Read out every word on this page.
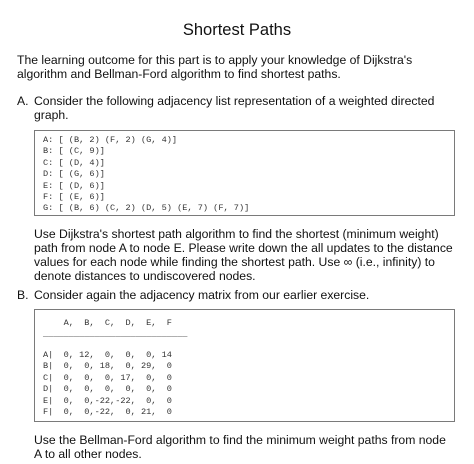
Shortest Paths
The learning outcome for this part is to apply your knowledge of Dijkstra's
algorithm and Bellman-Ford algorithm to find shortest paths.
A. Consider the following adjacency list representation of a weighted directed
graph.
A: [ (B, 2) (F, 2) (G, 4)]
B: [ (C, 9)]
C: [ (D, 4)]
D: [ (G, 6)]
E: [ (D, 6)]
F: [ (E, 6)]
G: [ (B, 6) (C, 2) (D, 5) (E, 7) (F, 7)]
Use Dijkstra's shortest path algorithm to find the shortest (minimum weight)
path from node A to node E. Please write down the all updates to the distance
values for each node while finding the shortest path. Use ∞ (i.e., infinity) to
denote distances to undiscovered nodes.
B. Consider again the adjacency matrix from our earlier exercise.
A,  B,  C,  D,  E,  F
____________________________
A|  0, 12,  0,  0,  0, 14
B|  0,  0, 18,  0, 29,  0
C|  0,  0,  0, 17,  0,  0
D|  0,  0,  0,  0,  0,  0
E|  0,  0,-22,-22,  0,  0
F|  0,  0,-22,  0, 21,  0
Use the Bellman-Ford algorithm to find the minimum weight paths from node
A to all other nodes.
